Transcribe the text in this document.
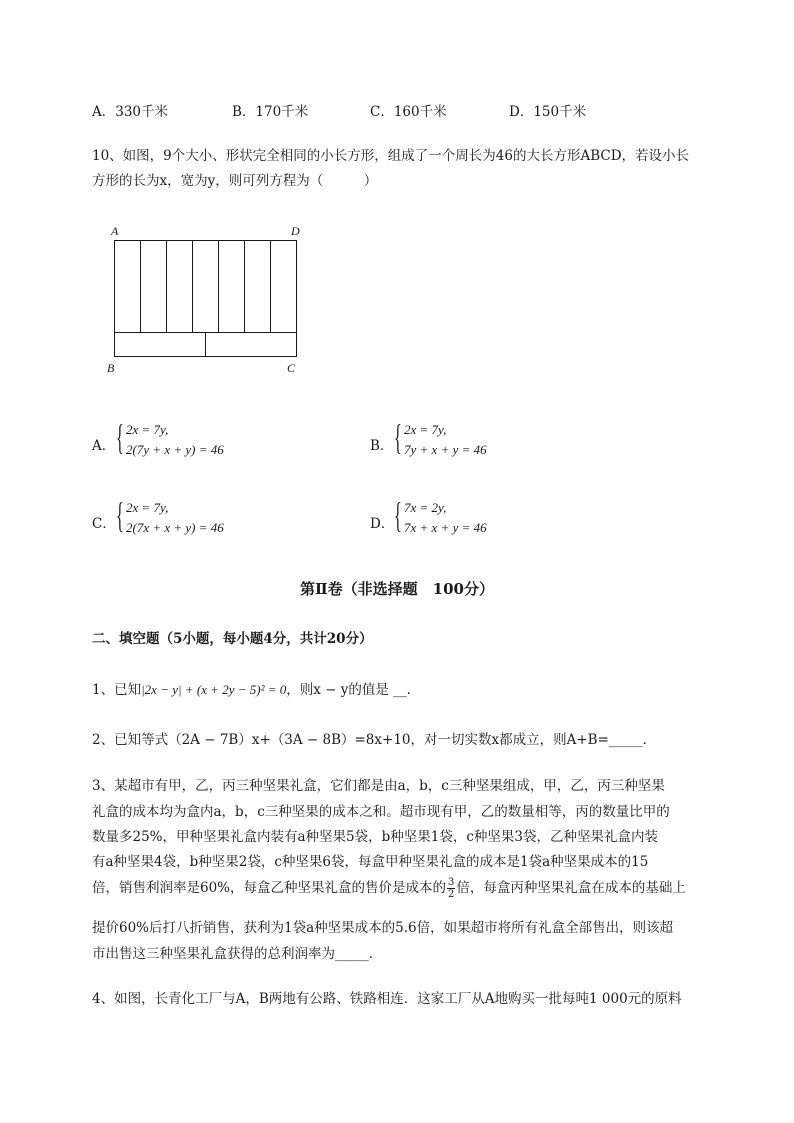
A．330千米	B．170千米	C．160千米	D．150千米
10、如图，9个大小、形状完全相同的小长方形，组成了一个周长为46的大长方形ABCD，若设小长
方形的长为x，宽为y，则可列方程为（　　　）
A	D
B	C
A． { 2x = 7y,
2(7y + x + y) = 46	B． { 2x = 7y,
7y + x + y = 46
C． { 2x = 7y,
2(7x + x + y) = 46	D． { 7x = 2y,
7x + x + y = 46
第Ⅱ卷（非选择题　100分）
二、填空题（5小题，每小题4分，共计20分）
1、已知|2x − y| + (x + 2y − 5)² = 0，则x − y的值是 __．
2、已知等式（2A − 7B）x+（3A − 8B）=8x+10，对一切实数x都成立，则A+B=_____．
3、某超市有甲，乙，丙三种坚果礼盒，它们都是由a，b，c三种坚果组成，甲，乙，丙三种坚果
礼盒的成本均为盒内a，b，c三种坚果的成本之和。超市现有甲，乙的数量相等，丙的数量比甲的
数量多25%，甲种坚果礼盒内装有a种坚果5袋，b种坚果1袋，c种坚果3袋，乙种坚果礼盒内装
有a种坚果4袋，b种坚果2袋，c种坚果6袋，每盒甲种坚果礼盒的成本是1袋a种坚果成本的15
倍，销售利润率是60%，每盒乙种坚果礼盒的售价是成本的 $\frac{3}{2}$ 倍，每盒丙种坚果礼盒在成本的基础上
提价60%后打八折销售，获利为1袋a种坚果成本的5.6倍，如果超市将所有礼盒全部售出，则该超
市出售这三种坚果礼盒获得的总利润率为_____．
4、如图，长青化工厂与A，B两地有公路、铁路相连．这家工厂从A地购买一批每吨1 000元的原料
